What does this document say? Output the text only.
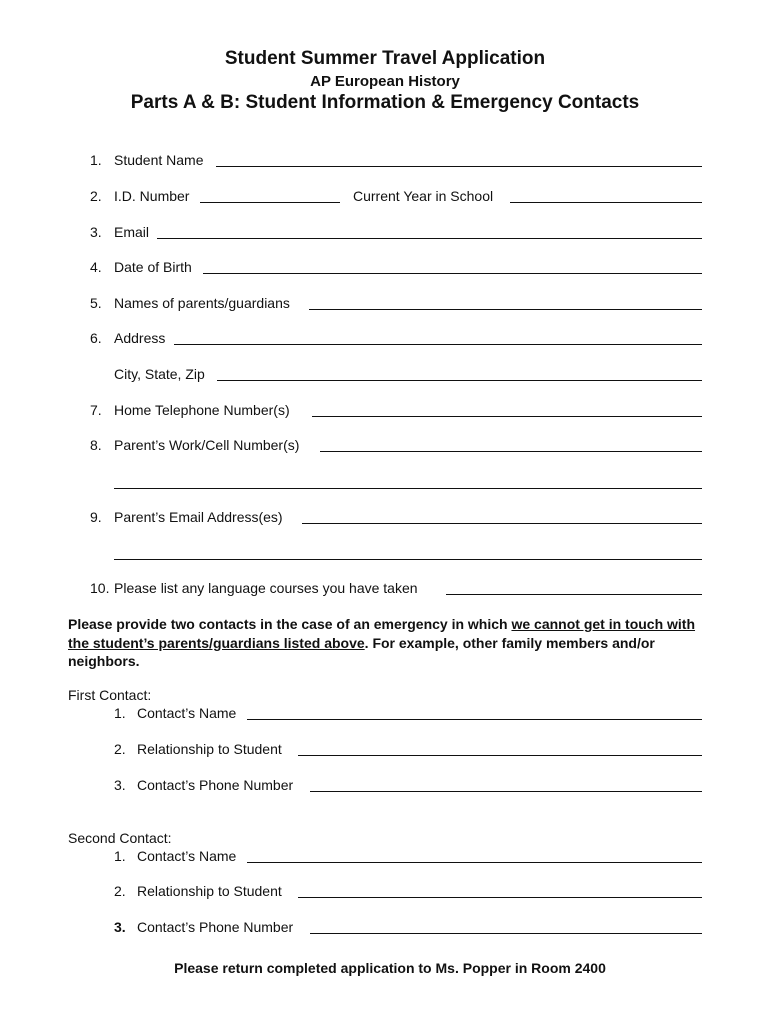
Student Summer Travel Application
AP European History
Parts A & B: Student Information & Emergency Contacts
1. Student Name
2. I.D. Number	Current Year in School
3. Email
4. Date of Birth
5. Names of parents/guardians
6. Address
City, State, Zip
7. Home Telephone Number(s)
8. Parent’s Work/Cell Number(s)
9. Parent’s Email Address(es)
10. Please list any language courses you have taken
Please provide two contacts in the case of an emergency in which we cannot get in touch with the student’s parents/guardians listed above. For example, other family members and/or neighbors.
First Contact:
1. Contact’s Name
2. Relationship to Student
3. Contact’s Phone Number
Second Contact:
1. Contact’s Name
2. Relationship to Student
3. Contact’s Phone Number
Please return completed application to Ms. Popper in Room 2400
